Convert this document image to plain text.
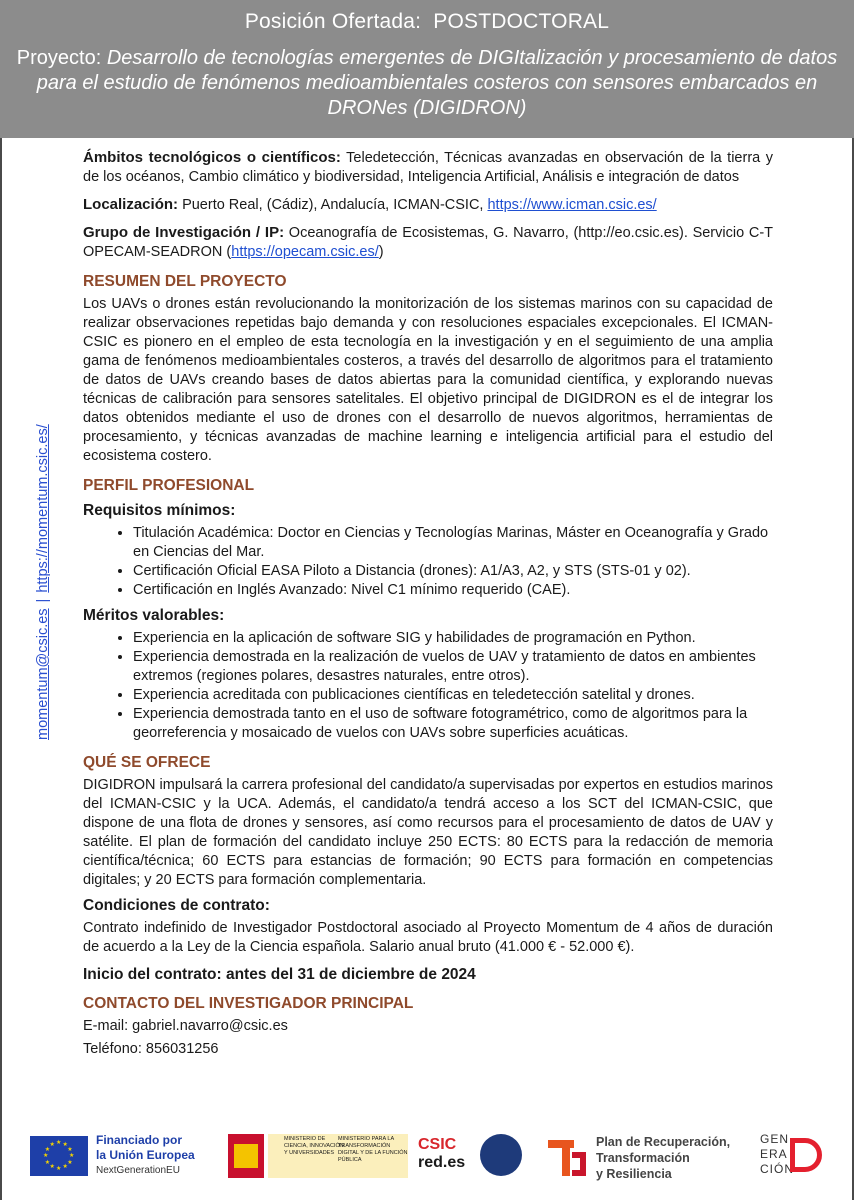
Posición Ofertada: POSTDOCTORAL
Proyecto: Desarrollo de tecnologías emergentes de DIGItalización y procesamiento de datos para el estudio de fenómenos medioambientales costeros con sensores embarcados en DRONes (DIGIDRON)
momentum@csic.es|https://momentum.csic.es/

Ámbitos tecnológicos o científicos: Teledetección, Técnicas avanzadas en observación de la tierra y de los océanos, Cambio climático y biodiversidad, Inteligencia Artificial, Análisis e integración de datos

Localización: Puerto Real, (Cádiz), Andalucía, ICMAN-CSIC, https://www.icman.csic.es/

Grupo de Investigación / IP: Oceanografía de Ecosistemas, G. Navarro, (http://eo.csic.es). Servicio C-T OPECAM-SEADRON (https://opecam.csic.es/)

RESUMEN DEL PROYECTO

Los UAVs o drones están revolucionando la monitorización de los sistemas marinos con su capacidad de realizar observaciones repetidas bajo demanda y con resoluciones espaciales excepcionales. El ICMAN-CSIC es pionero en el empleo de esta tecnología en la investigación y en el seguimiento de una amplia gama de fenómenos medioambientales costeros, a través del desarrollo de algoritmos para el tratamiento de datos de UAVs creando bases de datos abiertas para la comunidad científica, y explorando nuevas técnicas de calibración para sensores satelitales. El objetivo principal de DIGIDRON es el de integrar los datos obtenidos mediante el uso de drones con el desarrollo de nuevos algoritmos, herramientas de procesamiento, y técnicas avanzadas de machine learning e inteligencia artificial para el estudio del ecosistema costero.

PERFIL PROFESIONAL
Requisitos mínimos:
• Titulación Académica: Doctor en Ciencias y Tecnologías Marinas, Máster en Oceanografía y Grado en Ciencias del Mar.
• Certificación Oficial EASA Piloto a Distancia (drones): A1/A3, A2, y STS (STS-01 y 02).
• Certificación en Inglés Avanzado: Nivel C1 mínimo requerido (CAE).
Méritos valorables:
• Experiencia en la aplicación de software SIG y habilidades de programación en Python.
• Experiencia demostrada en la realización de vuelos de UAV y tratamiento de datos en ambientes extremos (regiones polares, desastres naturales, entre otros).
• Experiencia acreditada con publicaciones científicas en teledetección satelital y drones.
• Experiencia demostrada tanto en el uso de software fotogramétrico, como de algoritmos para la georreferencia y mosaicado de vuelos con UAVs sobre superficies acuáticas.
QUÉ SE OFRECE

DIGIDRON impulsará la carrera profesional del candidato/a supervisadas por expertos en estudios marinos del ICMAN-CSIC y la UCA. Además, el candidato/a tendrá acceso a los SCT del ICMAN-CSIC, que dispone de una flota de drones y sensores, así como recursos para el procesamiento de datos de UAV y satélite. El plan de formación del candidato incluye 250 ECTS: 80 ECTS para la redacción de memoria científica/técnica; 60 ECTS para estancias de formación; 90 ECTS para formación en competencias digitales; y 20 ECTS para formación complementaria.

Condiciones de contrato:

Contrato indefinido de Investigador Postdoctoral asociado al Proyecto Momentum de 4 años de duración de acuerdo a la Ley de la Ciencia española. Salario anual bruto (41.000 € - 52.000 €).

Inicio del contrato: antes del 31 de diciembre de 2024
CONTACTO DEL INVESTIGADOR PRINCIPAL

E-mail: gabriel.navarro@csic.es

Teléfono: 856031256

★
★
★
★
★
★
★
★
★ ★ ★
★
Financiado por
la Unión Europea
NextGenerationEU
MINISTERIO DE CIENCIA, INNOVACIÓN Y UNIVERSIDADES
MINISTERIO PARA LA TRANSFORMACIÓN DIGITAL Y DE LA FUNCIÓN PÚBLICA
CSIC
red.es
Plan de Recuperación,
Transformación
y Resiliencia
GEN
ERA
CIÓN
